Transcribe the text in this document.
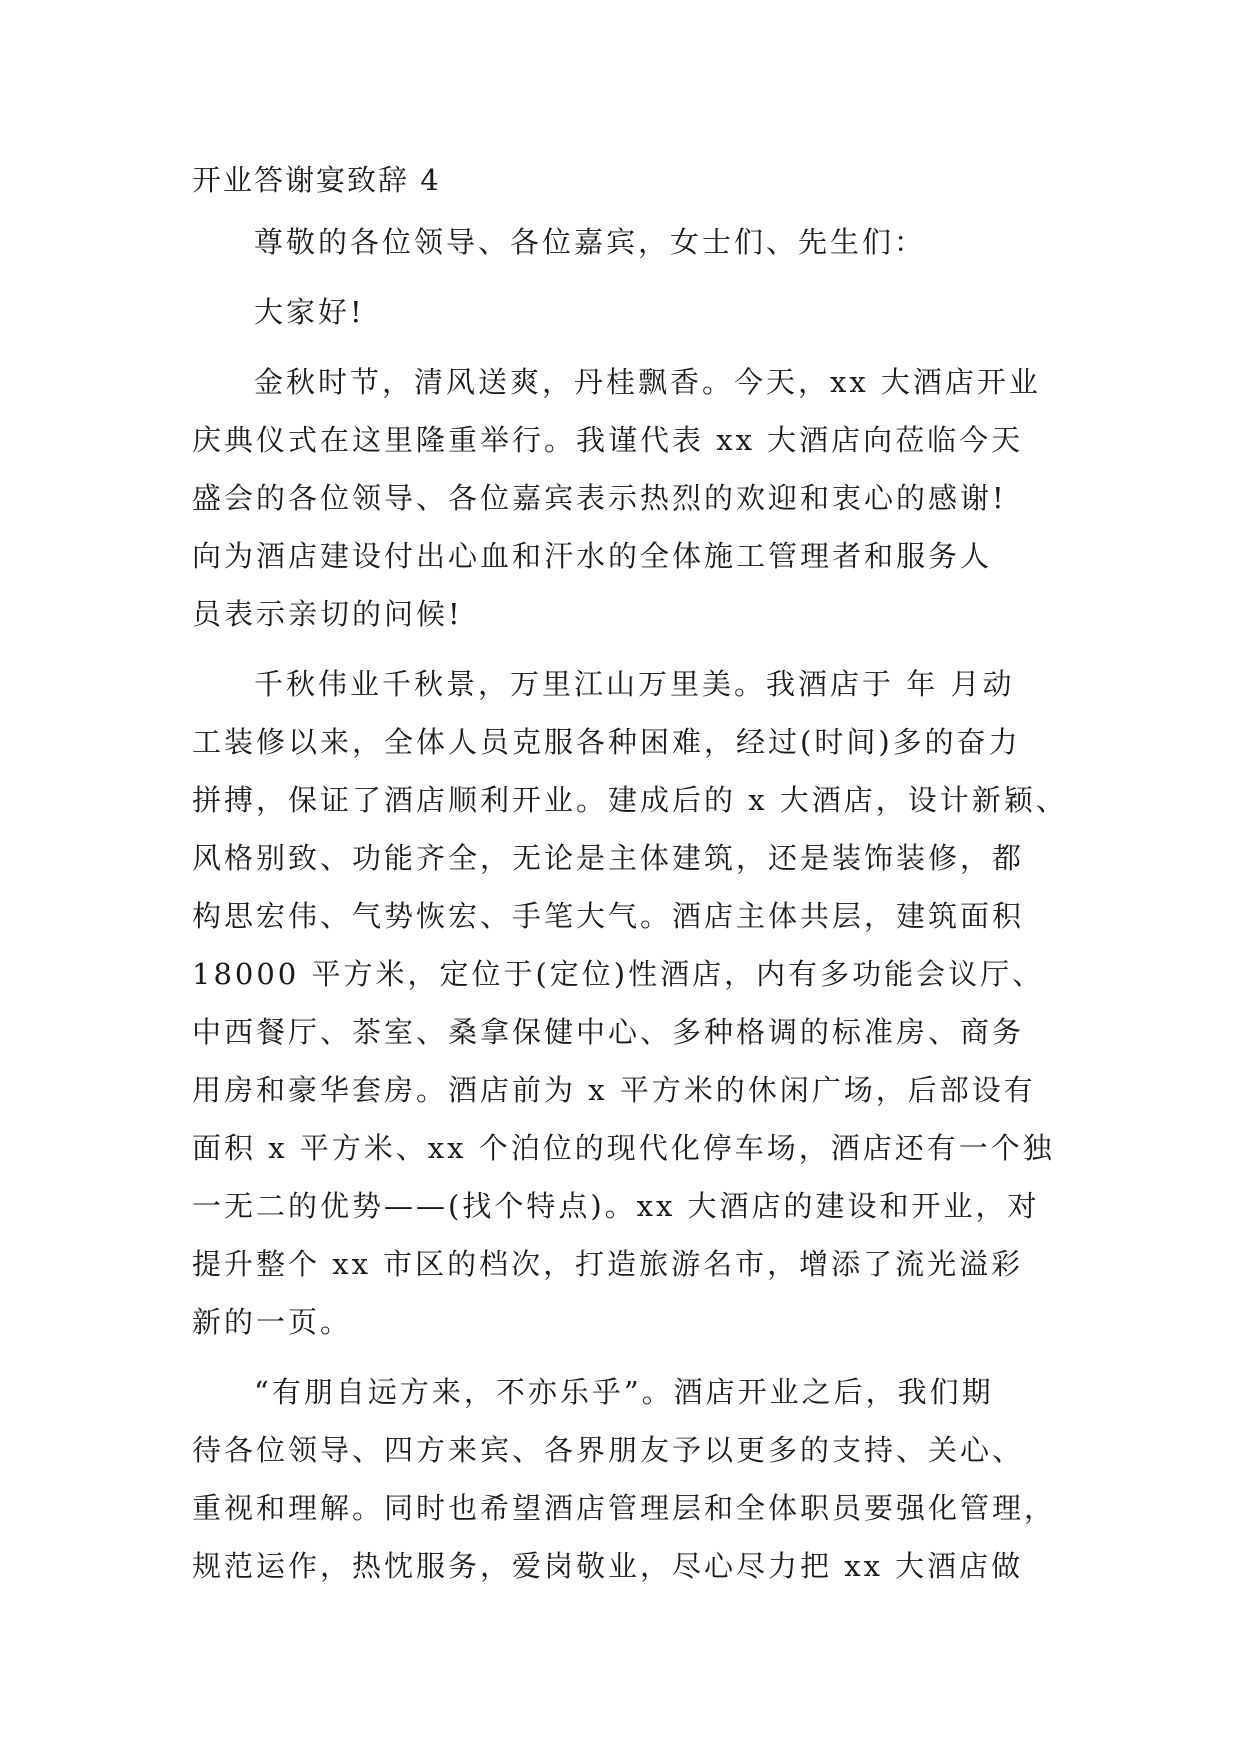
开业答谢宴致辞 4
尊敬的各位领导、各位嘉宾，女士们、先生们：
大家好!
金秋时节，清风送爽，丹桂飘香。今天，xx 大酒店开业
庆典仪式在这里隆重举行。我谨代表 xx 大酒店向莅临今天
盛会的各位领导、各位嘉宾表示热烈的欢迎和衷心的感谢!
向为酒店建设付出心血和汗水的全体施工管理者和服务人
员表示亲切的问候!
千秋伟业千秋景，万里江山万里美。我酒店于 年 月动
工装修以来，全体人员克服各种困难，经过(时间)多的奋力
拼搏，保证了酒店顺利开业。建成后的 x 大酒店，设计新颖、
风格别致、功能齐全，无论是主体建筑，还是装饰装修，都
构思宏伟、气势恢宏、手笔大气。酒店主体共层，建筑面积
18000 平方米，定位于(定位)性酒店，内有多功能会议厅、
中西餐厅、茶室、桑拿保健中心、多种格调的标准房、商务
用房和豪华套房。酒店前为 x 平方米的休闲广场，后部设有
面积 x 平方米、xx 个泊位的现代化停车场，酒店还有一个独
一无二的优势——(找个特点)。xx 大酒店的建设和开业，对
提升整个 xx 市区的档次，打造旅游名市，增添了流光溢彩
新的一页。
“有朋自远方来，不亦乐乎”。酒店开业之后，我们期
待各位领导、四方来宾、各界朋友予以更多的支持、关心、
重视和理解。同时也希望酒店管理层和全体职员要强化管理，
规范运作，热忱服务，爱岗敬业，尽心尽力把 xx 大酒店做
